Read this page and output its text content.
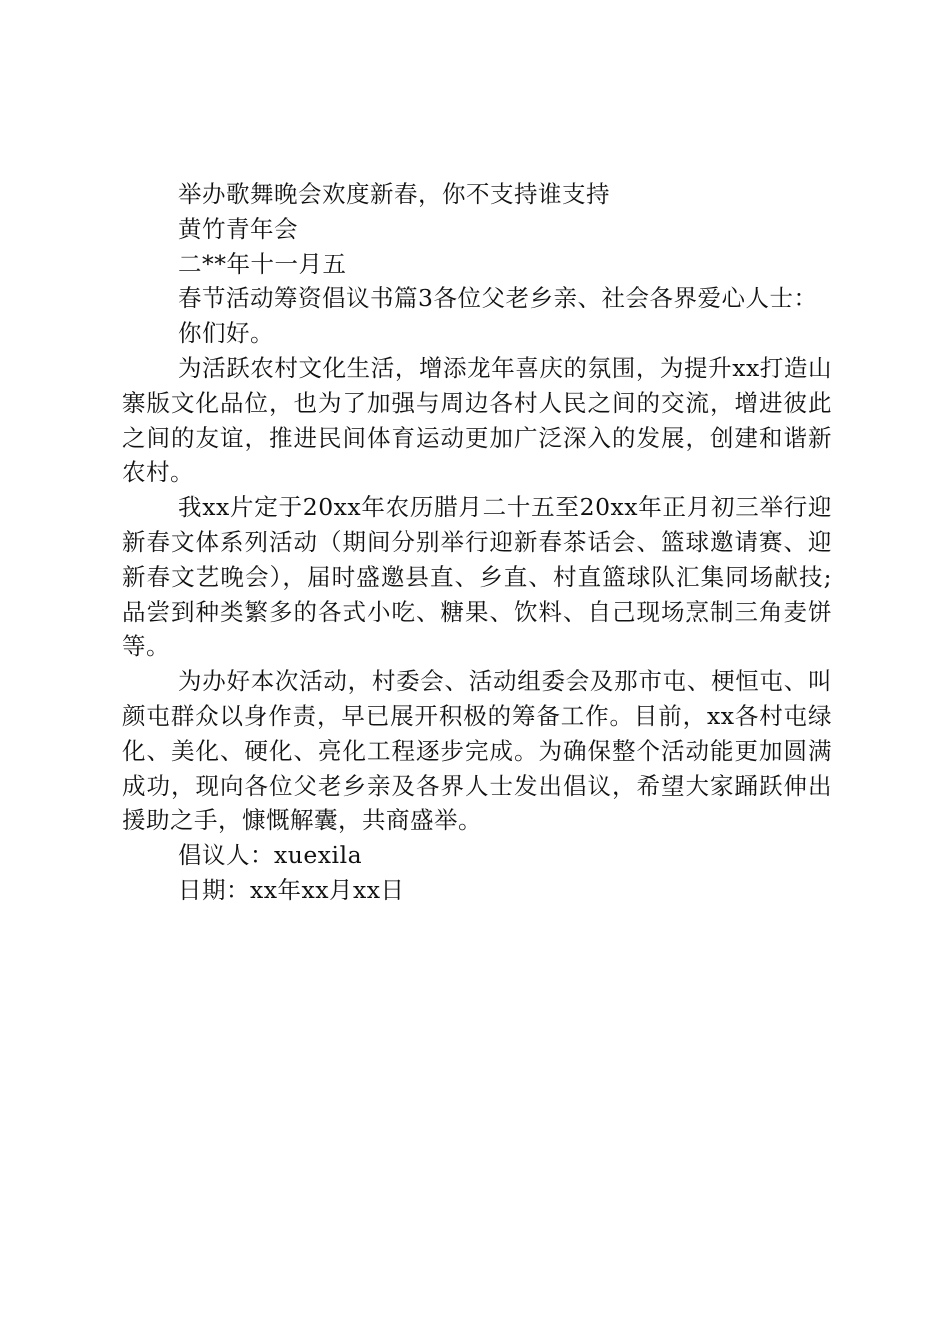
举办歌舞晚会欢度新春，你不支持谁支持

黄竹青年会

二**年十一月五

春节活动筹资倡议书篇3各位父老乡亲、社会各界爱心人士：

你们好。

为活跃农村文化生活，增添龙年喜庆的氛围，为提升xx打造山寨版文化品位，也为了加强与周边各村人民之间的交流，增进彼此之间的友谊，推进民间体育运动更加广泛深入的发展，创建和谐新农村。

我xx片定于20xx年农历腊月二十五至20xx年正月初三举行迎新春文体系列活动（期间分别举行迎新春茶话会、篮球邀请赛、迎新春文艺晚会），届时盛邀县直、乡直、村直篮球队汇集同场献技;品尝到种类繁多的各式小吃、糖果、饮料、自己现场烹制三角麦饼等。

为办好本次活动，村委会、活动组委会及那市屯、梗恒屯、叫颜屯群众以身作责，早已展开积极的筹备工作。目前，xx各村屯绿化、美化、硬化、亮化工程逐步完成。为确保整个活动能更加圆满成功，现向各位父老乡亲及各界人士发出倡议，希望大家踊跃伸出援助之手，慷慨解囊，共商盛举。

倡议人：xuexila

日期：xx年xx月xx日
